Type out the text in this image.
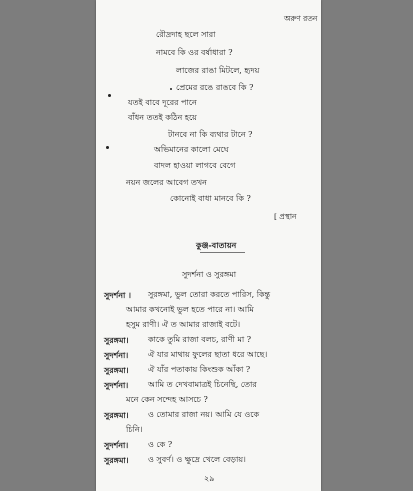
অরুণ রতন
রৌদ্রদাহ ছলে সারা
নামবে কি ওর বর্ষাধারা ?
লাজের রাঙা মিটলে, হৃদয়
প্রেমের রঙে রাঙবে কি ?
যতই বাবে দূরের পানে
বাঁধন ততই কঠিন হয়ে
টানবে না কি ব্যথার টানে ?
অভিমানের কালো মেঘে
বাদল হাওয়া লাগবে বেগে
নয়ন জলের আবেগ তখন
কোনোই বাধা মানবে কি ?
[ প্রস্থান
কুঞ্জ-বাতায়ন
সুদর্শনা ও সুরঙ্গমা
সুদর্শনা । সুরঙ্গমা, ভুল তোরা করতে পারিস, কিন্তু
আমার কখনোই ভুল হতে পারে না। আমি
হসুম রাণী। ঐ ত আমার রাজাই বটে।
সুরঙ্গমা। কাকে তুমি রাজা বলচ, রাণী মা ?
সুদর্শনা। ঐ যার মাথায় ফুলের ছাতা ধরে আছে।
সুরঙ্গমা। ঐ যাঁর পতাকায় কিংশুক আঁকা ?
সুদর্শনা। আমি ত দেখবামাত্রই চিনেছি, তোর
মনে কেন সন্দেহ আসচে ?
সুরঙ্গমা। ও তোমার রাজা নয়। আমি যে ওকে
চিনি।
সুদর্শনা। ও কে ?
সুরঙ্গমা। ও সুবর্ণ। ও ক্ষুদ্রে খেলে বেড়ায়।
২৯
